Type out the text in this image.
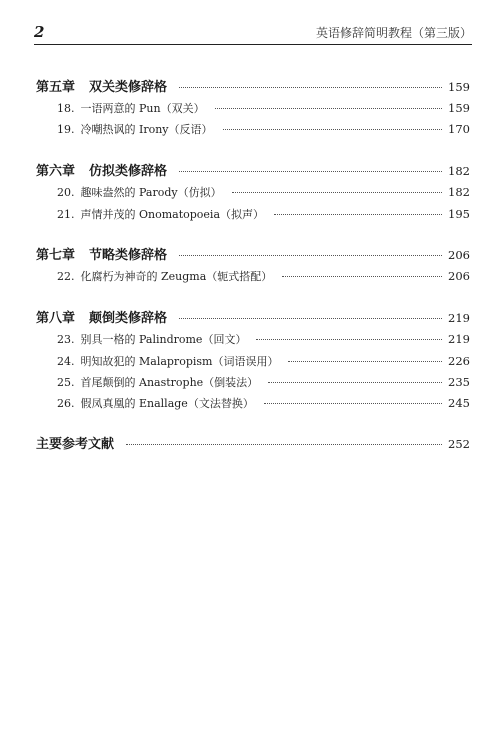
2	英语修辞简明教程（第三版）
第五章 双关类修辞格	159
18. 一语两意的 Pun（双关）	159
19. 冷嘲热讽的 Irony（反语）	170
第六章 仿拟类修辞格	182
20. 趣味盎然的 Parody（仿拟）	182
21. 声情并茂的 Onomatopoeia（拟声）	195
第七章 节略类修辞格	206
22. 化腐朽为神奇的 Zeugma（轭式搭配）	206
第八章 颠倒类修辞格	219
23. 别具一格的 Palindrome（回文）	219
24. 明知故犯的 Malapropism（词语误用）	226
25. 首尾颠倒的 Anastrophe（倒装法）	235
26. 假凤真凰的 Enallage（文法替换）	245
主要参考文献	252
